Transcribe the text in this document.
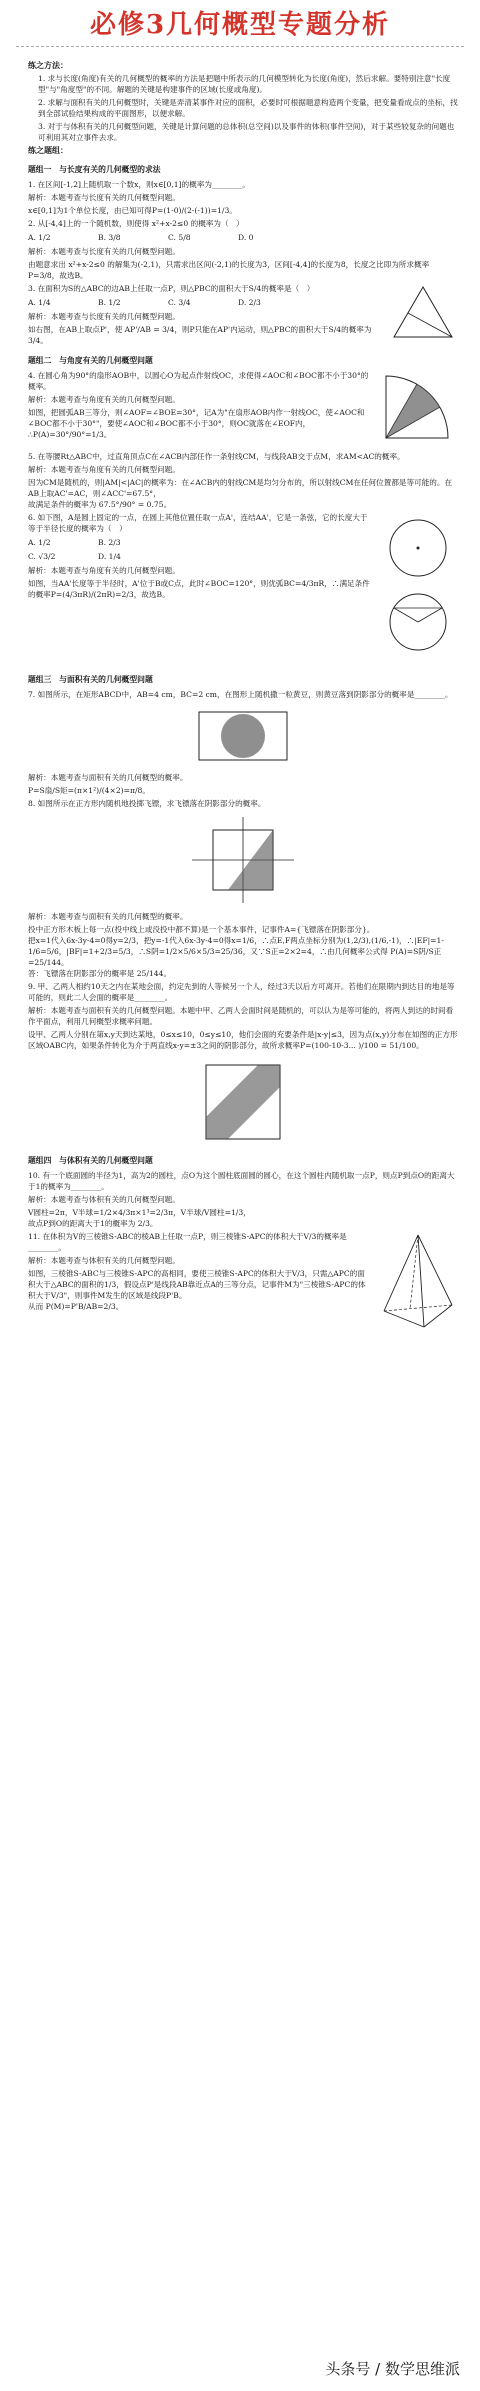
必修3几何概型专题分析
练之方法：
1. 求与长度(角度)有关的几何概型的概率的方法是把题中所表示的几何模型转化为长度(角度)，然后求解。要特别注意"长度型"与"角度型"的不同。解题的关键是构建事件的区域(长度或角度)。
2. 求解与面积有关的几何概型时，关键是弄清某事件对应的面积，必要时可根据题意构造两个变量，把变量看成点的坐标，找到全部试验结果构成的平面图形，以便求解。
3. 对于与体积有关的几何概型问题，关键是计算问题的总体积(总空间)以及事件的体积(事件空间)，对于某些较复杂的问题也可利用其对立事件去求。
练之题组：
题组一　与长度有关的几何概型的求法
1. 在区间[-1,2]上随机取一个数x，则x∈[0,1]的概率为________。
解析：本题考查与长度有关的几何概型问题。
x∈[0,1]为1个单位长度，由已知可得P=(1-0)/(2-(-1))=1/3。
2. 从[-4,4]上的一个随机数，则使得 x²+x-2≤0 的概率为（　）
A. 1/2	B. 3/8	C. 5/8	D. 0
解析：本题考查与长度有关的几何概型问题。
由题意求出 x²+x-2≤0 的解集为(-2,1)，只需求出区间(-2,1)的长度为3，区间[-4,4]的长度为8，长度之比即为所求概率P=3/8，故选B。
3. 在面积为S的△ABC的边AB上任取一点P，则△PBC的面积大于S/4的概率是（　）
A. 1/4	B. 1/2	C. 3/4	D. 2/3
解析：本题考查与长度有关的几何概型问题。
如右图，在AB上取点P'，使 AP'/AB = 3/4，则P只能在AP'内运动，则△PBC的面积大于S/4的概率为 3/4。
题组二　与角度有关的几何概型问题
4. 在圆心角为90°的扇形AOB中，以圆心O为起点作射线OC，求使得∠AOC和∠BOC都不小于30°的概率。
解析：本题考查与角度有关的几何概型问题。
如图，把圆弧AB三等分，则∠AOF=∠BOE=30°，记A为"在扇形AOB内作一射线OC，使∠AOC和∠BOC都不小于30°"，要使∠AOC和∠BOC都不小于30°，则OC就落在∠EOF内，
∴P(A)=30°/90°=1/3。
5. 在等腰Rt△ABC中，过直角顶点C在∠ACB内部任作一条射线CM，与线段AB交于点M，求AM<AC的概率。
解析：本题考查与角度有关的几何概型问题。
因为CM是随机的，则|AM|<|AC|的概率为：在∠ACB内的射线CM是均匀分布的，所以射线CM在任何位置都是等可能的。在AB上取AC'=AC，则∠ACC'=67.5°，
故满足条件的概率为 67.5°/90° = 0.75。
6. 如下图，A是圆上固定的一点，在圆上其他位置任取一点A'，连结AA'，它是一条弦，它的长度大于等于半径长度的概率为（　）
A. 1/2	B. 2/3
C. √3/2	D. 1/4
解析：本题考查与角度有关的几何概型问题。
如图，当AA'长度等于半径时，A'位于B或C点，此时∠BOC=120°，则优弧BC=4/3πR，∴满足条件的概率P=(4/3πR)/(2πR)=2/3，故选B。
题组三　与面积有关的几何概型问题
7. 如图所示，在矩形ABCD中，AB=4 cm，BC=2 cm，在图形上随机撒一粒黄豆，则黄豆落到阴影部分的概率是________。
解析：本题考查与面积有关的几何概型的概率。
P=S扇/S矩=(π×1²)/(4×2)=π/8。
8. 如图所示在正方形内随机地投掷飞镖，求飞镖落在阴影部分的概率。
解析：本题考查与面积有关的几何概型的概率。
投中正方形木板上每一点(投中线上或没投中都不算)是一个基本事件，记事件A={飞镖落在阴影部分}。
把x=1代入6x-3y-4=0得y=2/3，把y=-1代入6x-3y-4=0得x=1/6，∴点E,F两点坐标分别为(1,2/3),(1/6,-1)，∴|EF|=1-1/6=5/6，|BF|=1+2/3=5/3，∴S阴=1/2×5/6×5/3=25/36，又∵S正=2×2=4，∴由几何概率公式得 P(A)=S阴/S正=25/144。
答：飞镖落在阴影部分的概率是 25/144。
9. 甲、乙两人相约10天之内在某地会面，约定先到的人等候另一个人，经过3天以后方可离开。若他们在限期内到达目的地是等可能的，则此二人会面的概率是________。
解析：本题考查与面积有关的几何概型问题。本题中甲、乙两人会面时间是随机的，可以认为是等可能的，将两人到达的时间看作平面点，利用几何概型求概率问题。
设甲、乙两人分别在第x,y天到达某地，0≤x≤10，0≤y≤10，他们会面的充要条件是|x-y|≤3，因为点(x,y)分布在如图的正方形区域OABC内，如果条件转化为介于两直线x-y=±3之间的阴影部分，故所求概率P=(100-10-3... )/100 = 51/100。
题组四　与体积有关的几何概型问题
10. 有一个底面圆的半径为1，高为2的圆柱，点O为这个圆柱底面圆的圆心，在这个圆柱内随机取一点P，则点P到点O的距离大于1的概率为________。
解析：本题考查与体积有关的几何概型问题。
V圆柱=2π，V半球=1/2×4/3π×1³=2/3π，V半球/V圆柱=1/3，
故点P到O的距离大于1的概率为 2/3。
11. 在体积为V的三棱锥S-ABC的棱AB上任取一点P，则三棱锥S-APC的体积大于V/3的概率是________。
解析：本题考查与体积有关的几何概型问题。
如图，三棱锥S-ABC与三棱锥S-APC的高相同，要使三棱锥S-APC的体积大于V/3，只需△APC的面积大于△ABC的面积的1/3，假设点P'是线段AB靠近点A的三等分点，记事件M为"三棱锥S-APC的体积大于V/3"，则事件M发生的区域是线段P'B。
从而 P(M)=P'B/AB=2/3。
头条号 / 数学思维派
